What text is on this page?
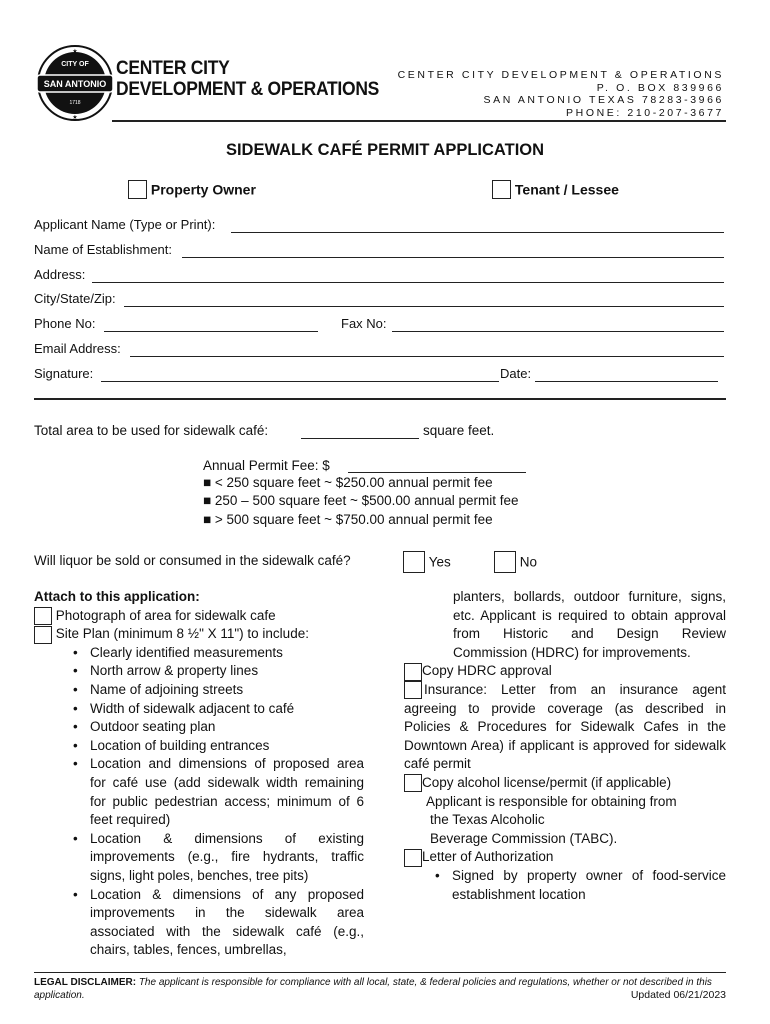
CITY OF
SAN ANTONIO
1718
★
★
CENTER CITY
DEVELOPMENT & OPERATIONS
CENTER CITY DEVELOPMENT & OPERATIONS
P. O. BOX 839966
SAN ANTONIO TEXAS 78283-3966
PHONE: 210-207-3677
SIDEWALK CAFÉ PERMIT APPLICATION
Property Owner	Tenant / Lessee
Applicant Name (Type or Print):
Name of Establishment:
Address:
City/State/Zip:
Phone No:	Fax No:
Email Address:
Signature:	Date:
Total area to be used for sidewalk café:	square feet.
Annual Permit Fee: $
■ < 250 square feet ~ $250.00 annual permit fee
■ 250 – 500 square feet ~ $500.00 annual permit fee
■ > 500 square feet ~ $750.00 annual permit fee
Will liquor be sold or consumed in the sidewalk café?	Yes	No
Attach to this application:
Photograph of area for sidewalk cafe
Site Plan (minimum 8 ½" X 11") to include:
• Clearly identified measurements
• North arrow & property lines
• Name of adjoining streets
• Width of sidewalk adjacent to café
• Outdoor seating plan
• Location of building entrances
• Location and dimensions of proposed area for café use (add sidewalk width remaining for public pedestrian access; minimum of 6 feet required)
• Location & dimensions of existing improvements (e.g., fire hydrants, traffic signs, light poles, benches, tree pits)
• Location & dimensions of any proposed improvements in the sidewalk area associated with the sidewalk café (e.g., chairs, tables, fences, umbrellas,
planters, bollards, outdoor furniture, signs, etc. Applicant is required to obtain approval from Historic and Design Review Commission (HDRC) for improvements.
Copy HDRC approval
Insurance: Letter from an insurance agent agreeing to provide coverage (as described in Policies & Procedures for Sidewalk Cafes in the Downtown Area) if applicant is approved for sidewalk café permit
Copy alcohol license/permit (if applicable)
Applicant is responsible for obtaining from
the Texas Alcoholic
Beverage Commission (TABC).
Letter of Authorization
• Signed by property owner of food-service establishment location
LEGAL DISCLAIMER: The applicant is responsible for compliance with all local, state, & federal policies and regulations, whether or not described in this application.	Updated 06/21/2023
